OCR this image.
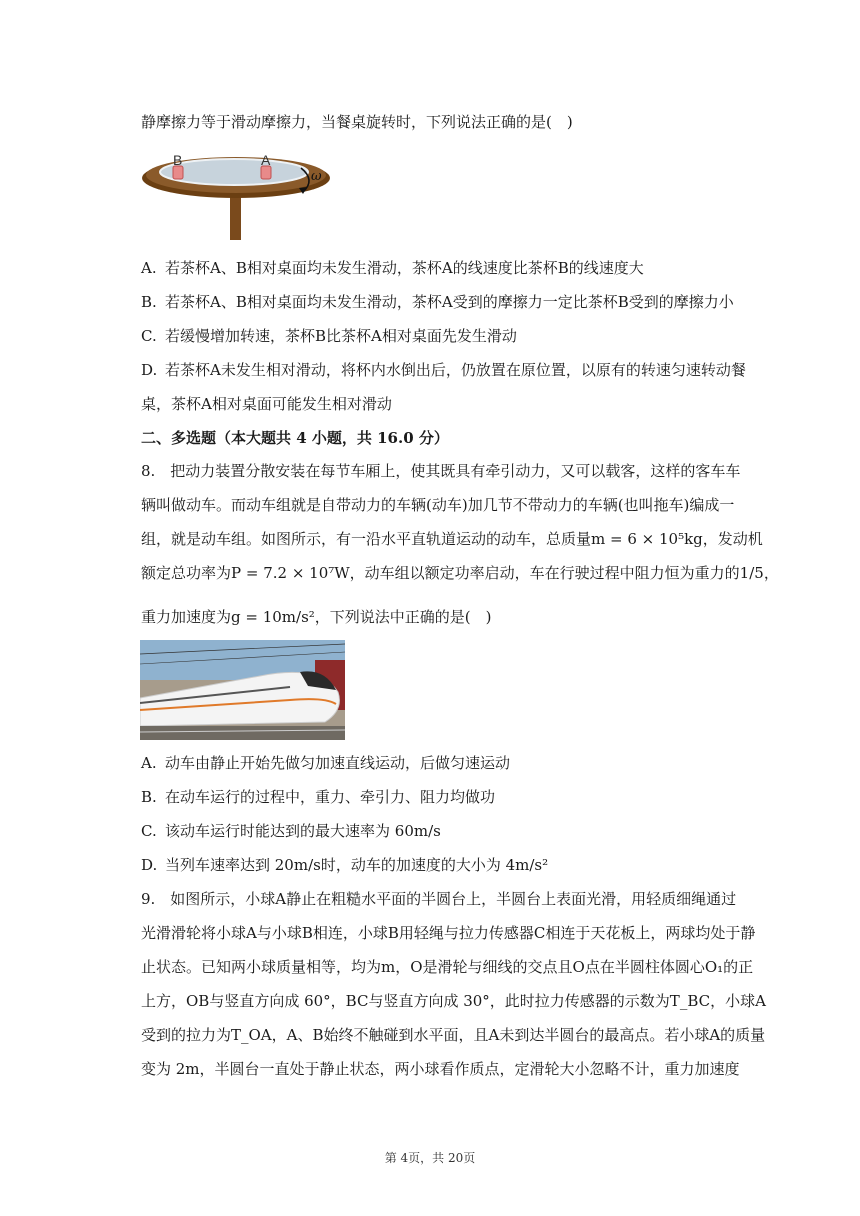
静摩擦力等于滑动摩擦力，当餐桌旋转时，下列说法正确的是(　)
B	A
ω
A. 若茶杯A、B相对桌面均未发生滑动，茶杯A的线速度比茶杯B的线速度大
B. 若茶杯A、B相对桌面均未发生滑动，茶杯A受到的摩擦力一定比茶杯B受到的摩擦力小
C. 若缓慢增加转速，茶杯B比茶杯A相对桌面先发生滑动
D. 若茶杯A未发生相对滑动，将杯内水倒出后，仍放置在原位置，以原有的转速匀速转动餐
桌，茶杯A相对桌面可能发生相对滑动
二、多选题（本大题共 4 小题，共 16.0 分）
8.　把动力装置分散安装在每节车厢上，使其既具有牵引动力，又可以载客，这样的客车车
辆叫做动车。而动车组就是自带动力的车辆(动车)加几节不带动力的车辆(也叫拖车)编成一
组，就是动车组。如图所示，有一沿水平直轨道运动的动车，总质量m = 6 × 10⁵kg，发动机
额定总功率为P = 7.2 × 10⁷W，动车组以额定功率启动，车在行驶过程中阻力恒为重力的1/5，
重力加速度为g = 10m/s²，下列说法中正确的是(　)
A. 动车由静止开始先做匀加速直线运动，后做匀速运动
B. 在动车运行的过程中，重力、牵引力、阻力均做功
C. 该动车运行时能达到的最大速率为 60m/s
D. 当列车速率达到 20m/s时，动车的加速度的大小为 4m/s²
9.　如图所示，小球A静止在粗糙水平面的半圆台上，半圆台上表面光滑，用轻质细绳通过
光滑滑轮将小球A与小球B相连，小球B用轻绳与拉力传感器C相连于天花板上，两球均处于静
止状态。已知两小球质量相等，均为m，O是滑轮与细线的交点且O点在半圆柱体圆心O₁的正
上方，OB与竖直方向成 60°，BC与竖直方向成 30°，此时拉力传感器的示数为T_BC，小球A
受到的拉力为T_OA，A、B始终不触碰到水平面，且A未到达半圆台的最高点。若小球A的质量
变为 2m，半圆台一直处于静止状态，两小球看作质点，定滑轮大小忽略不计，重力加速度
第 4页，共 20页
